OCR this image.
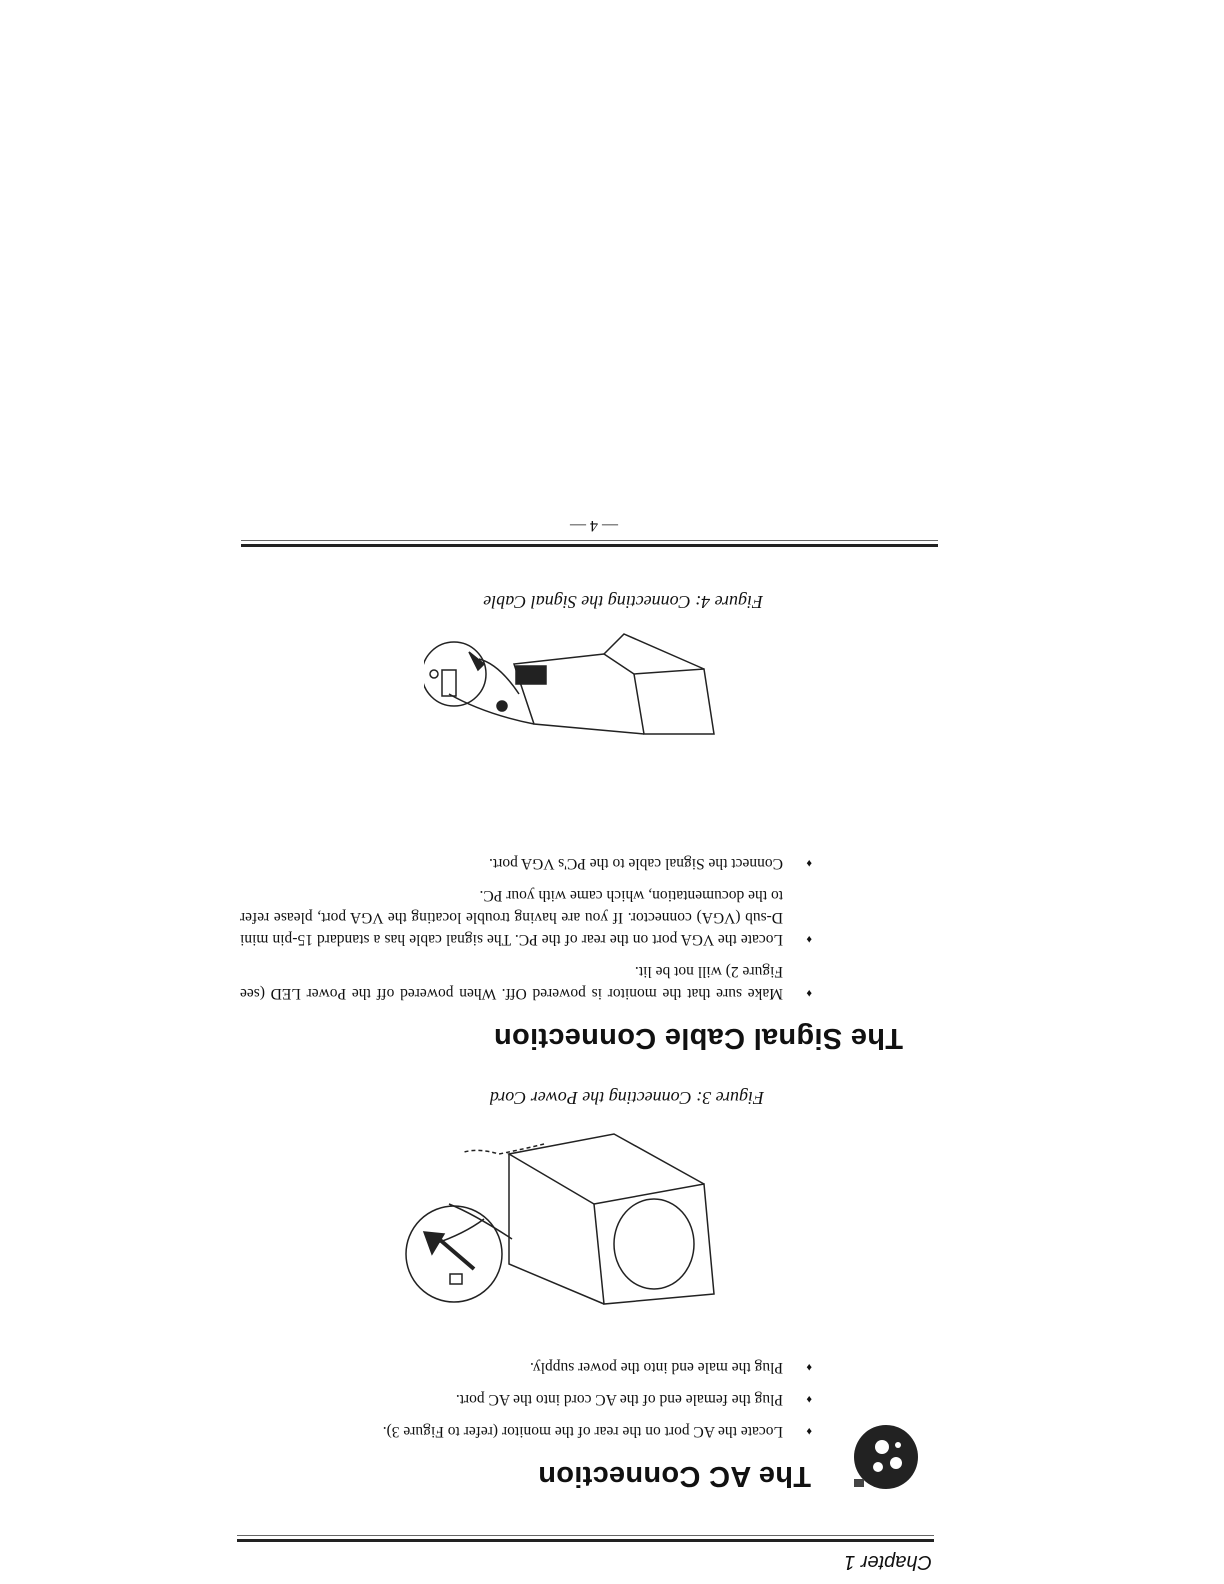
Chapter 1
The AC Connection
♦ Locate the AC port on the rear of the monitor (refer to Figure 3).
♦ Plug the female end of the AC cord into the AC port.
♦ Plug the male end into the power supply.

Figure 3: Connecting the Power Cord

The Signal Cable Connection
♦ Make sure that the monitor is powered Off. When powered off the Power LED (see Figure 2) will not be lit.
♦ Locate the VGA port on the rear of the PC. The signal cable has a standard 15-pin mini D-sub (VGA) connector. If you are having trouble locating the VGA port, please refer to the documentation, which came with your PC.
♦ Connect the Signal cable to the PC's VGA port.

Figure 4: Connecting the Signal Cable

— 4 —
